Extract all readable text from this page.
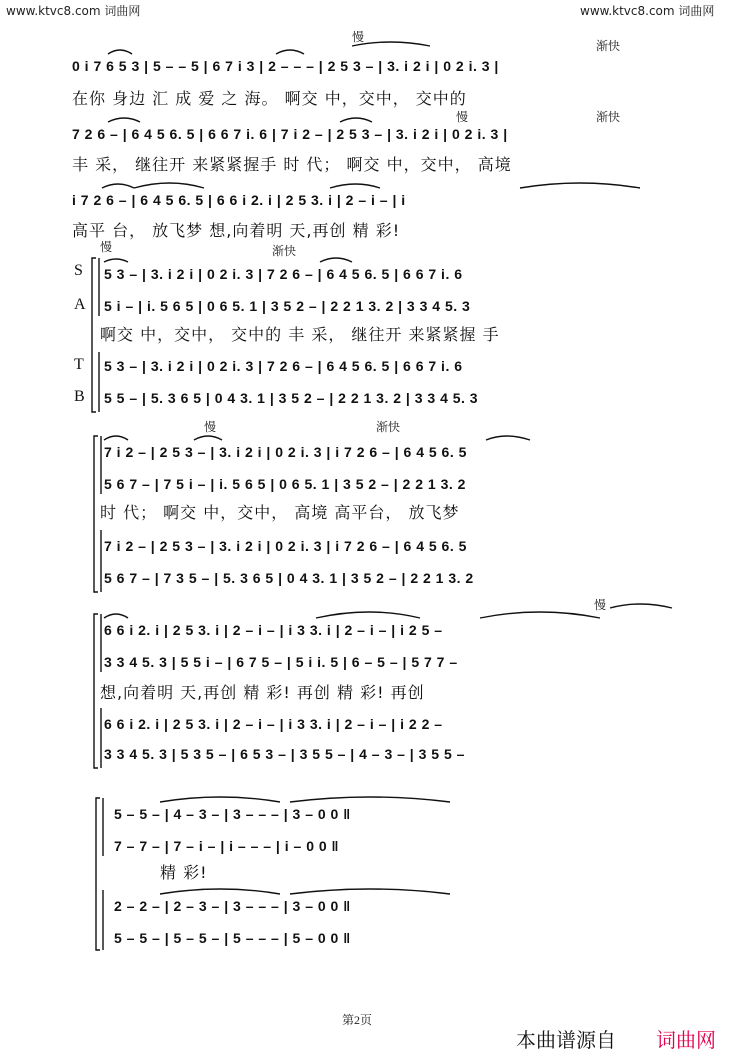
www.ktvc8.com 词曲网	www.ktvc8.com 词曲网
慢
渐快
慢	渐快
慢	渐快
慢	渐快
慢
0 i 7 6 5 3 | 5 – – 5 | 6 7 i 3 | 2 – – – | 2 5 3 – | 3. i 2 i | 0 2 i. 3 |
在你 身边 汇 成 爱 之 海。 啊交 中，交中， 交中的
7 2 6 – | 6 4 5 6. 5 | 6 6 7 i. 6 | 7 i 2 – | 2 5 3 – | 3. i 2 i | 0 2 i. 3 |
丰 采， 继往开 来紧紧握手 时 代； 啊交 中，交中， 高境
i 7 2 6 – | 6 4 5 6. 5 | 6 6 i 2. i | 2 5 3. i | 2 – i – | i
高平 台， 放飞梦 想,向着明 天,再创 精 彩!
S
A
T
B
5 3 – | 3. i 2 i | 0 2 i. 3 | 7 2 6 – | 6 4 5 6. 5 | 6 6 7 i. 6
5 i – | i. 5 6 5 | 0 6 5. 1 | 3 5 2 – | 2 2 1 3. 2 | 3 3 4 5. 3
啊交 中，交中， 交中的 丰 采， 继往开 来紧紧握 手
5 3 – | 3. i 2 i | 0 2 i. 3 | 7 2 6 – | 6 4 5 6. 5 | 6 6 7 i. 6
5 5 – | 5. 3 6 5 | 0 4 3. 1 | 3 5 2 – | 2 2 1 3. 2 | 3 3 4 5. 3
7 i 2 – | 2 5 3 – | 3. i 2 i | 0 2 i. 3 | i 7 2 6 – | 6 4 5 6. 5
5 6 7 – | 7 5 i – | i. 5 6 5 | 0 6 5. 1 | 3 5 2 – | 2 2 1 3. 2
时 代； 啊交 中，交中， 高境 高平台， 放飞梦
7 i 2 – | 2 5 3 – | 3. i 2 i | 0 2 i. 3 | i 7 2 6 – | 6 4 5 6. 5
5 6 7 – | 7 3 5 – | 5. 3 6 5 | 0 4 3. 1 | 3 5 2 – | 2 2 1 3. 2
6 6 i 2. i | 2 5 3. i | 2 – i – | i 3 3. i | 2 – i – | i 2 5 –
3 3 4 5. 3 | 5 5 i – | 6 7 5 – | 5 i i. 5 | 6 – 5 – | 5 7 7 –
想,向着明 天,再创 精 彩! 再创 精 彩! 再创
6 6 i 2. i | 2 5 3. i | 2 – i – | i 3 3. i | 2 – i – | i 2 2 –
3 3 4 5. 3 | 5 3 5 – | 6 5 3 – | 3 5 5 – | 4 – 3 – | 3 5 5 –
5 – 5 – | 4 – 3 – | 3 – – – | 3 – 0 0 ‖
7 – 7 – | 7 – i – | i – – – | i – 0 0 ‖
精 彩!
2 – 2 – | 2 – 3 – | 3 – – – | 3 – 0 0 ‖
5 – 5 – | 5 – 5 – | 5 – – – | 5 – 0 0 ‖
第2页
本曲谱源自 词曲网
